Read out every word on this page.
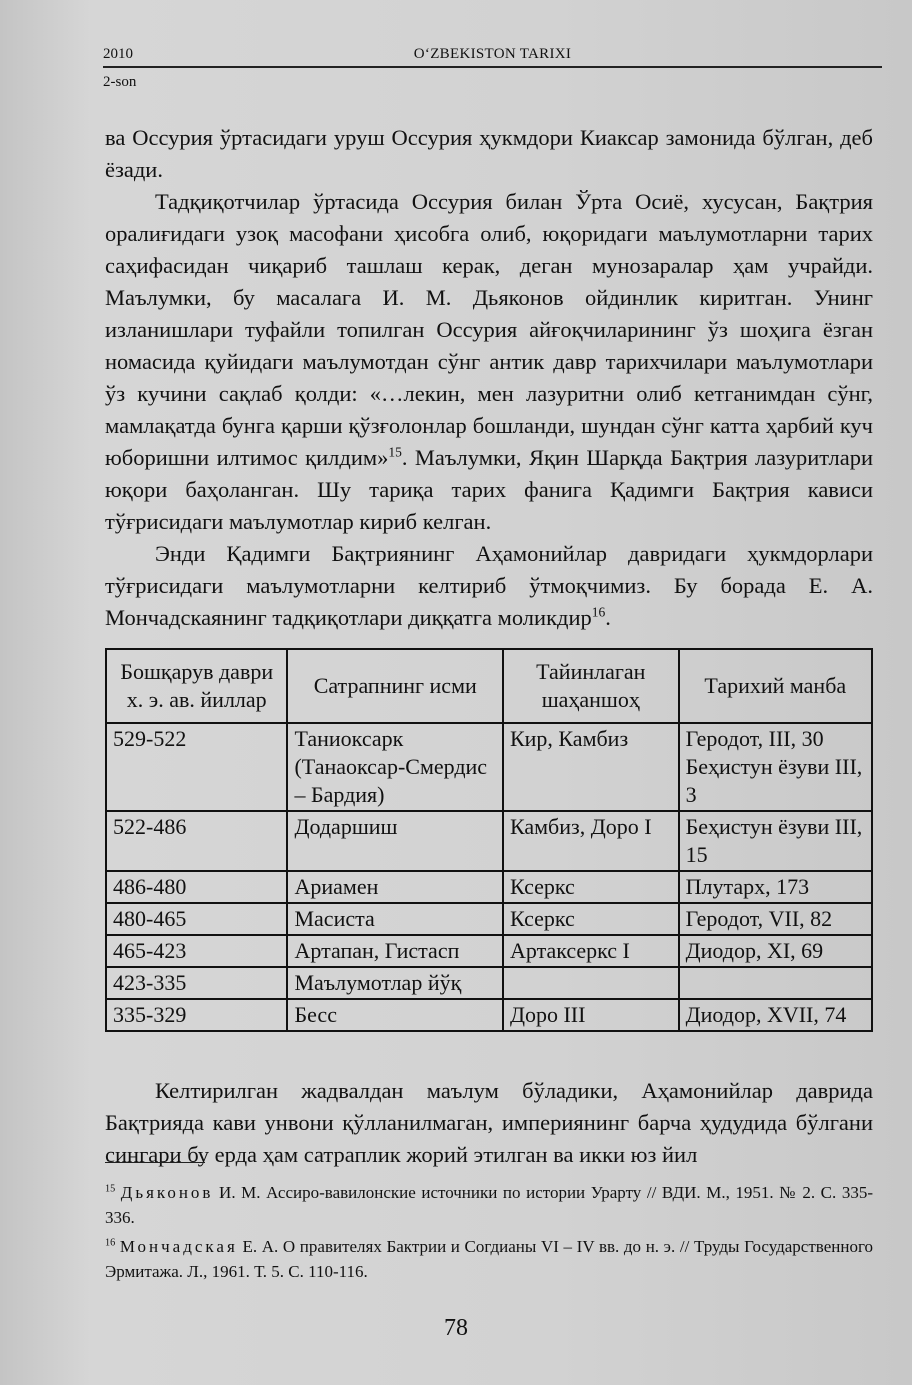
2010	O‘ZBEKISTON TARIXI
2-son

ва Оссурия ўртасидаги уруш Оссурия ҳукмдори Киаксар замонида бўлган, деб ёзади.

Тадқиқотчилар ўртасида Оссурия билан Ўрта Осиё, хусусан, Бақтрия оралиғидаги узоқ масофани ҳисобга олиб, юқоридаги маълумотларни тарих саҳифасидан чиқариб ташлаш керак, деган мунозаралар ҳам учрайди. Маълумки, бу масалага И. М. Дьяконов ойдинлик киритган. Унинг изланишлари туфайли топилган Оссурия айғоқчиларининг ўз шоҳига ёзган номасида қуйидаги маълумотдан сўнг антик давр тарихчилари маълумотлари ўз кучини сақлаб қолди: «…лекин, мен лазуритни олиб кетганимдан сўнг, мамлақатда бунга қарши қўзғолонлар бошланди, шундан сўнг катта ҳарбий куч юборишни илтимос қилдим»$^{15}$. Маълумки, Яқин Шарқда Бақтрия лазуритлари юқори баҳоланган. Шу тариқа тарих фанига Қадимги Бақтрия кависи тўғрисидаги маълумотлар кириб келган.

Энди Қадимги Бақтриянинг Аҳамонийлар давридаги ҳукмдорлари тўғрисидаги маълумотларни келтириб ўтмоқчимиз. Бу борада Е. А. Мончадскаянинг тадқиқотлари диққатга моликдир$^{16}$.

Бошқарув даври х. э. ав. йиллар	Сатрапнинг исми	Тайинлаган шаҳаншоҳ	Тарихий манба
529-522	Таниоксарк (Танаоксар-Смердис – Бардия)	Кир, Камбиз	Геродот, III, 30 Беҳистун ёзуви III, 3
522-486	Додаршиш	Камбиз, Доро I	Беҳистун ёзуви III, 15
486-480	Ариамен	Ксеркс	Плутарх, 173
480-465	Масиста	Ксеркс	Геродот, VII, 82
465-423	Артапан, Гистасп	Артаксеркс I	Диодор, XI, 69
423-335	Маълумотлар йўқ		
335-329	Бесс	Доро III	Диодор, XVII, 74

Келтирилган жадвалдан маълум бўладики, Аҳамонийлар даврида Бақтрияда кави унвони қўлланилмаган, империянинг барча ҳудудида бўлгани сингари бу ерда ҳам сатраплик жорий этилган ва икки юз йил

$^{15}$ Дьяконов И. М. Ассиро-вавилонские источники по истории Урарту // ВДИ. М., 1951. № 2. С. 335-336.

$^{16}$ Мончадская Е. А. О правителях Бактрии и Согдианы VI – IV вв. до н. э. // Труды Государственного Эрмитажа. Л., 1961. Т. 5. С. 110-116.

78
